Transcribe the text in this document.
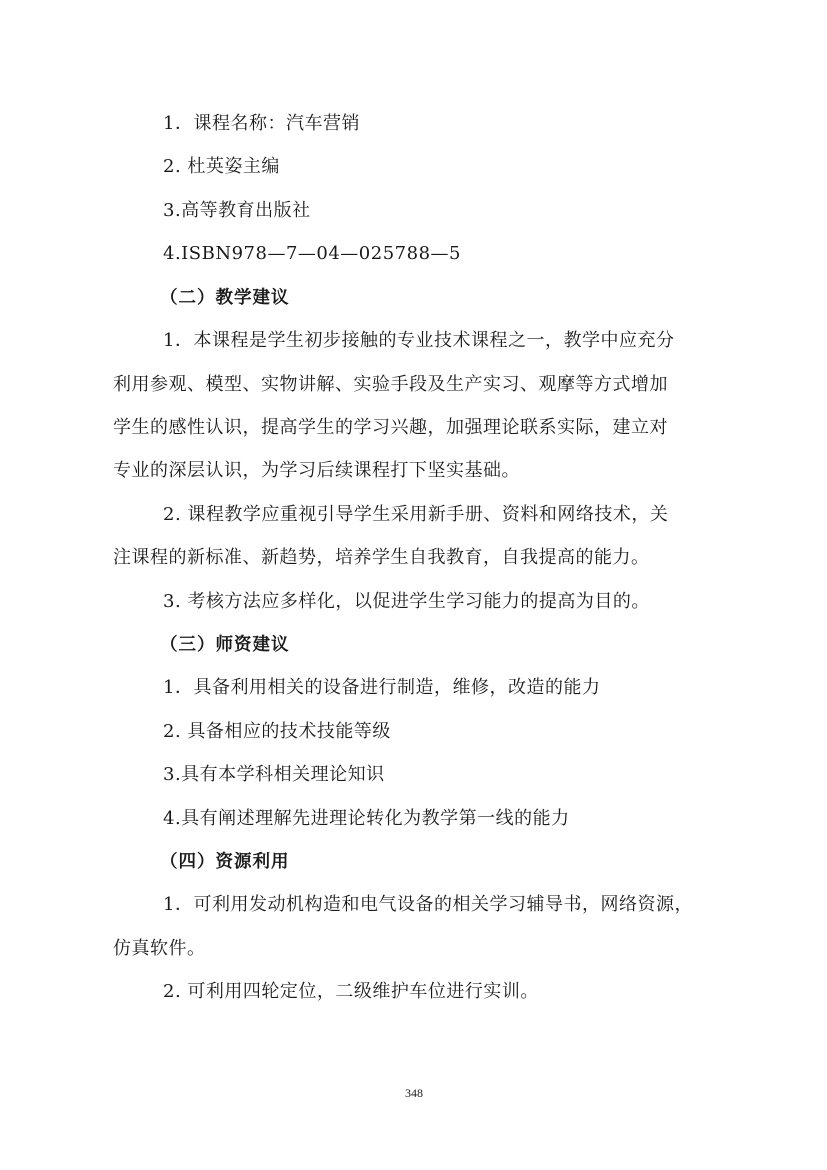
1．课程名称：汽车营销
2. 杜英姿主编
3.高等教育出版社
4.ISBN978—7—04—025788—5
（二）教学建议
1．本课程是学生初步接触的专业技术课程之一，教学中应充分
利用参观、模型、实物讲解、实验手段及生产实习、观摩等方式增加
学生的感性认识，提高学生的学习兴趣，加强理论联系实际，建立对
专业的深层认识，为学习后续课程打下坚实基础。
2. 课程教学应重视引导学生采用新手册、资料和网络技术，关
注课程的新标准、新趋势，培养学生自我教育，自我提高的能力。
3. 考核方法应多样化，以促进学生学习能力的提高为目的。
（三）师资建议
1．具备利用相关的设备进行制造，维修，改造的能力
2. 具备相应的技术技能等级
3.具有本学科相关理论知识
4.具有阐述理解先进理论转化为教学第一线的能力
（四）资源利用
1．可利用发动机构造和电气设备的相关学习辅导书，网络资源，
仿真软件。
2. 可利用四轮定位，二级维护车位进行实训。
348
